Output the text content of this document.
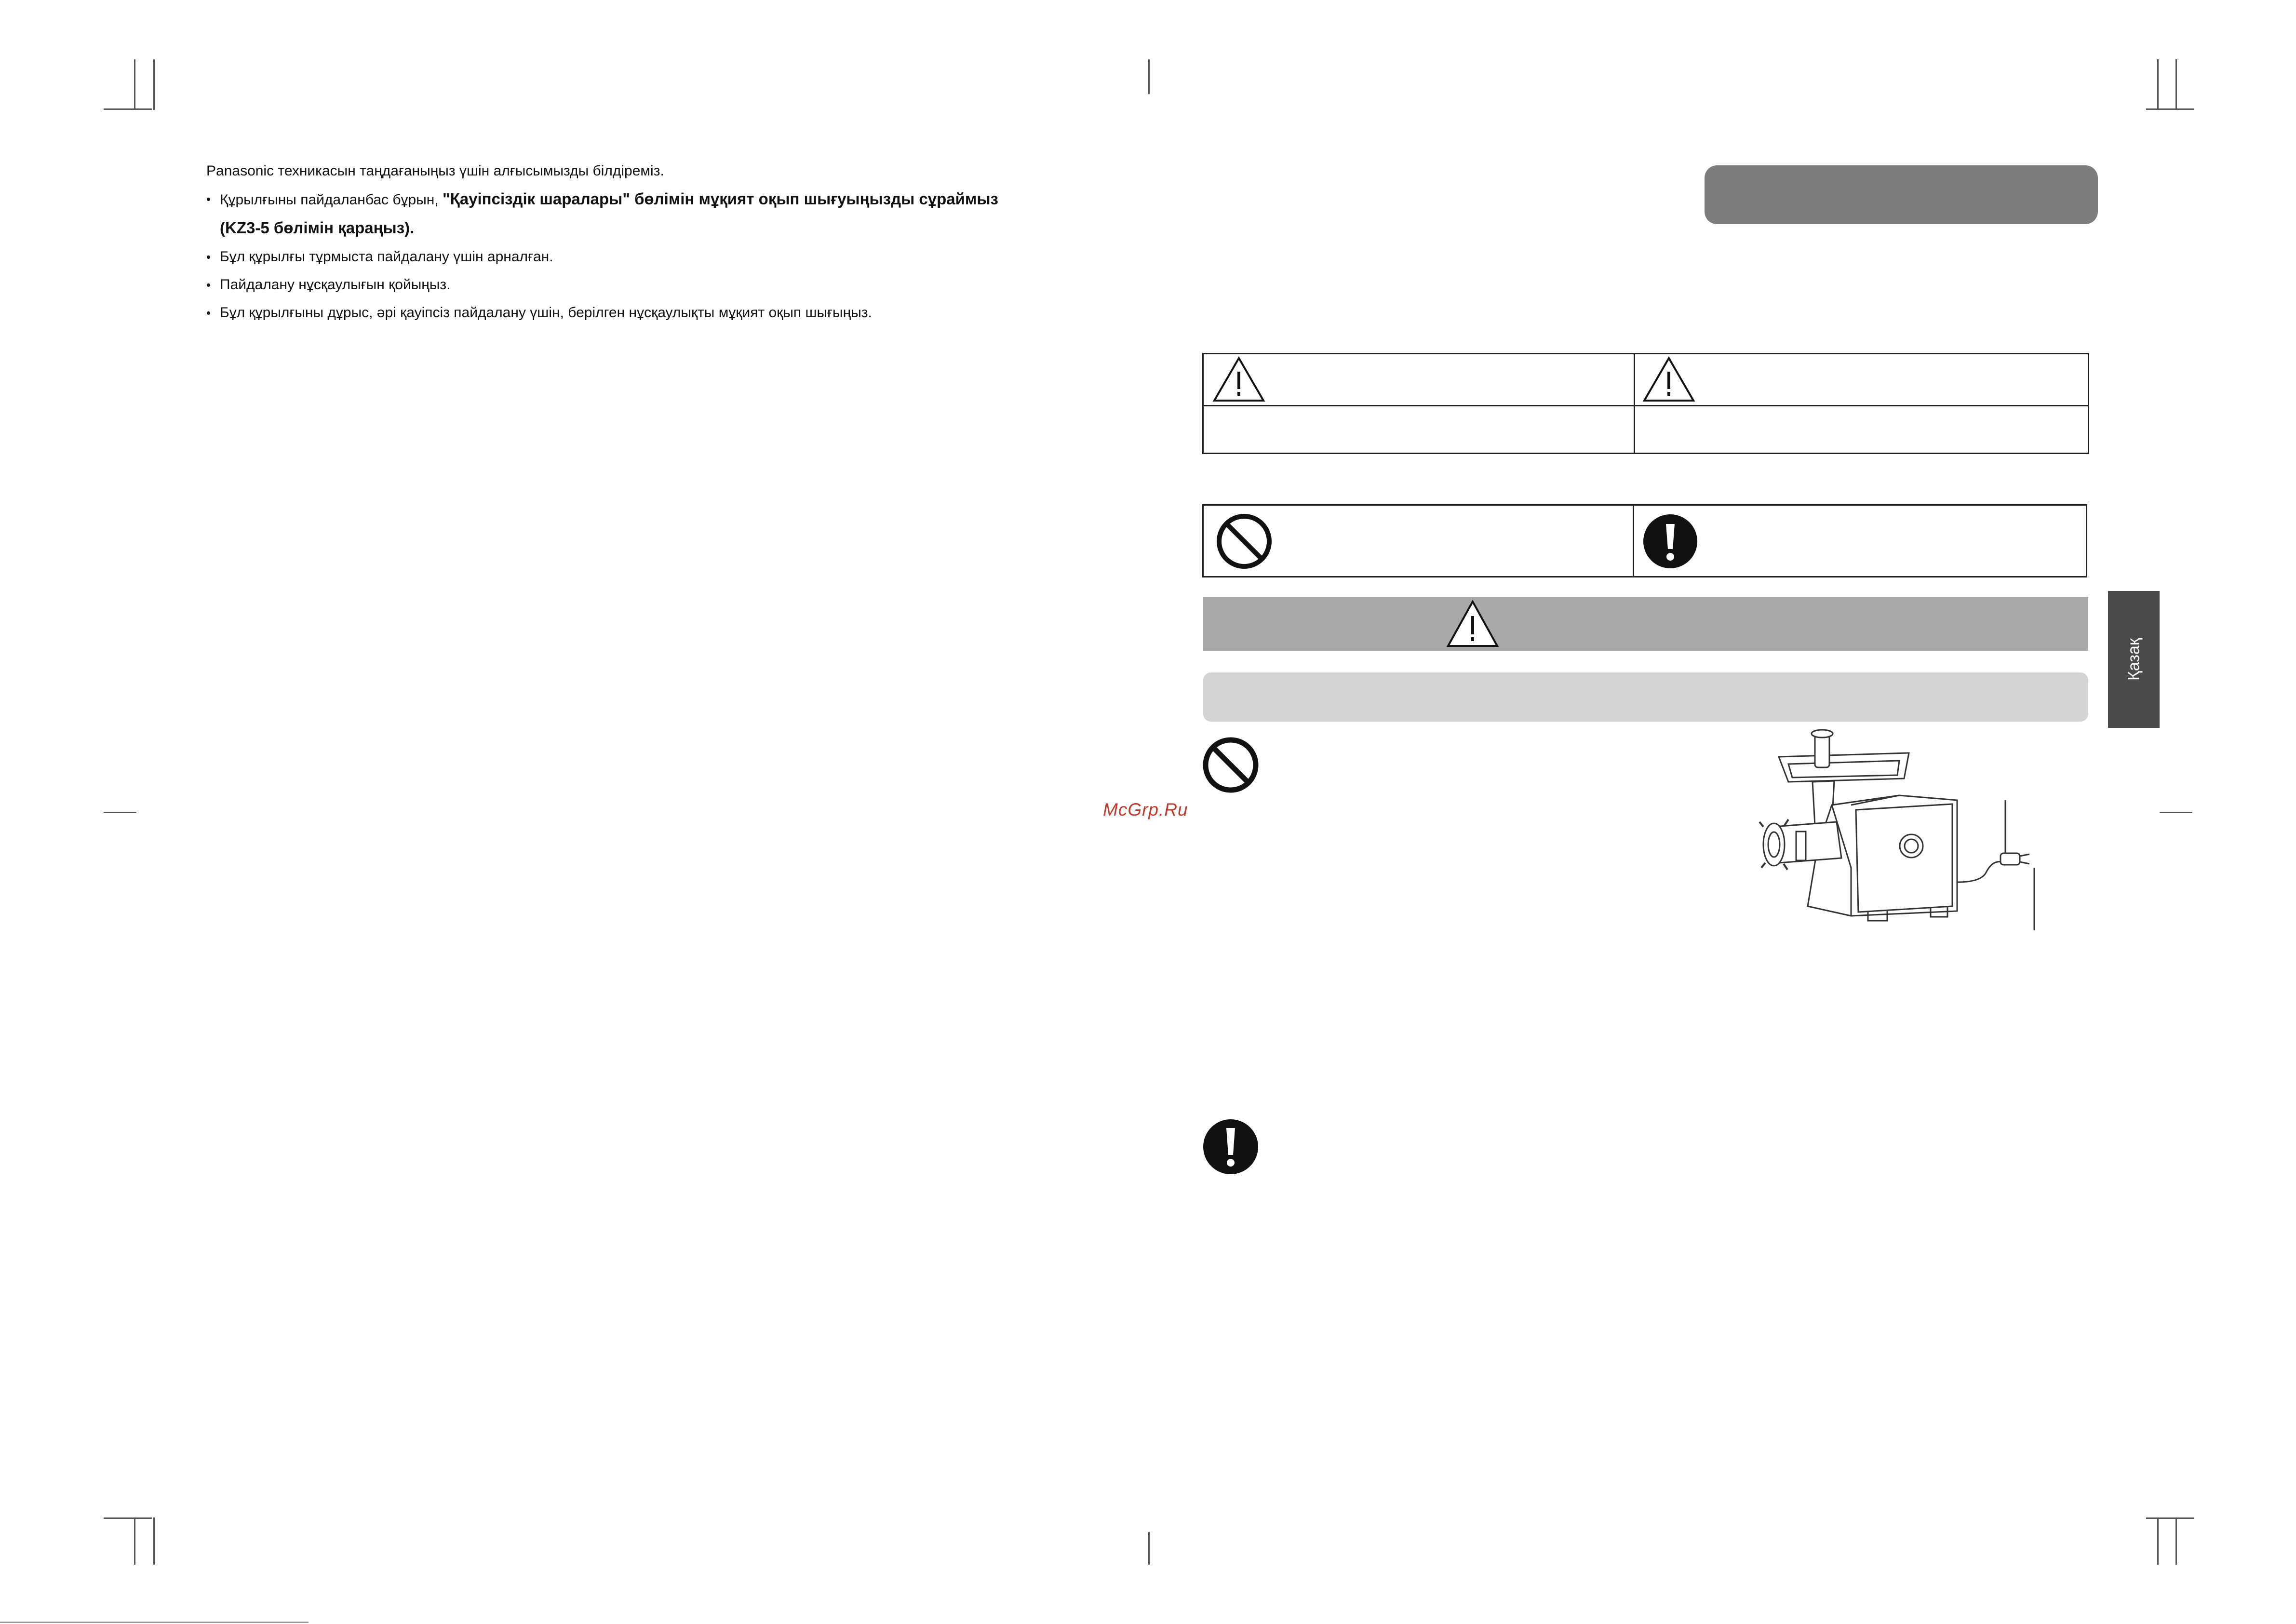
Panasonic техникасын таңдағаныңыз үшін алғысымызды білдіреміз.

• Құрылғыны пайдаланбас бұрын, "Қауіпсіздік шаралары" бөлімін мұқият оқып шығуыңызды сұраймыз

(KZ3-5 бөлімін қараңыз).

• Бұл құрылғы тұрмыста пайдалану үшін арналған.

• Пайдалану нұсқаулығын қойыңыз.

• Бұл құрылғыны дұрыс, әрі қауіпсіз пайдалану үшін, берілген нұсқаулықты мұқият оқып шығыңыз.

Қазақ
McGrp.Ru
